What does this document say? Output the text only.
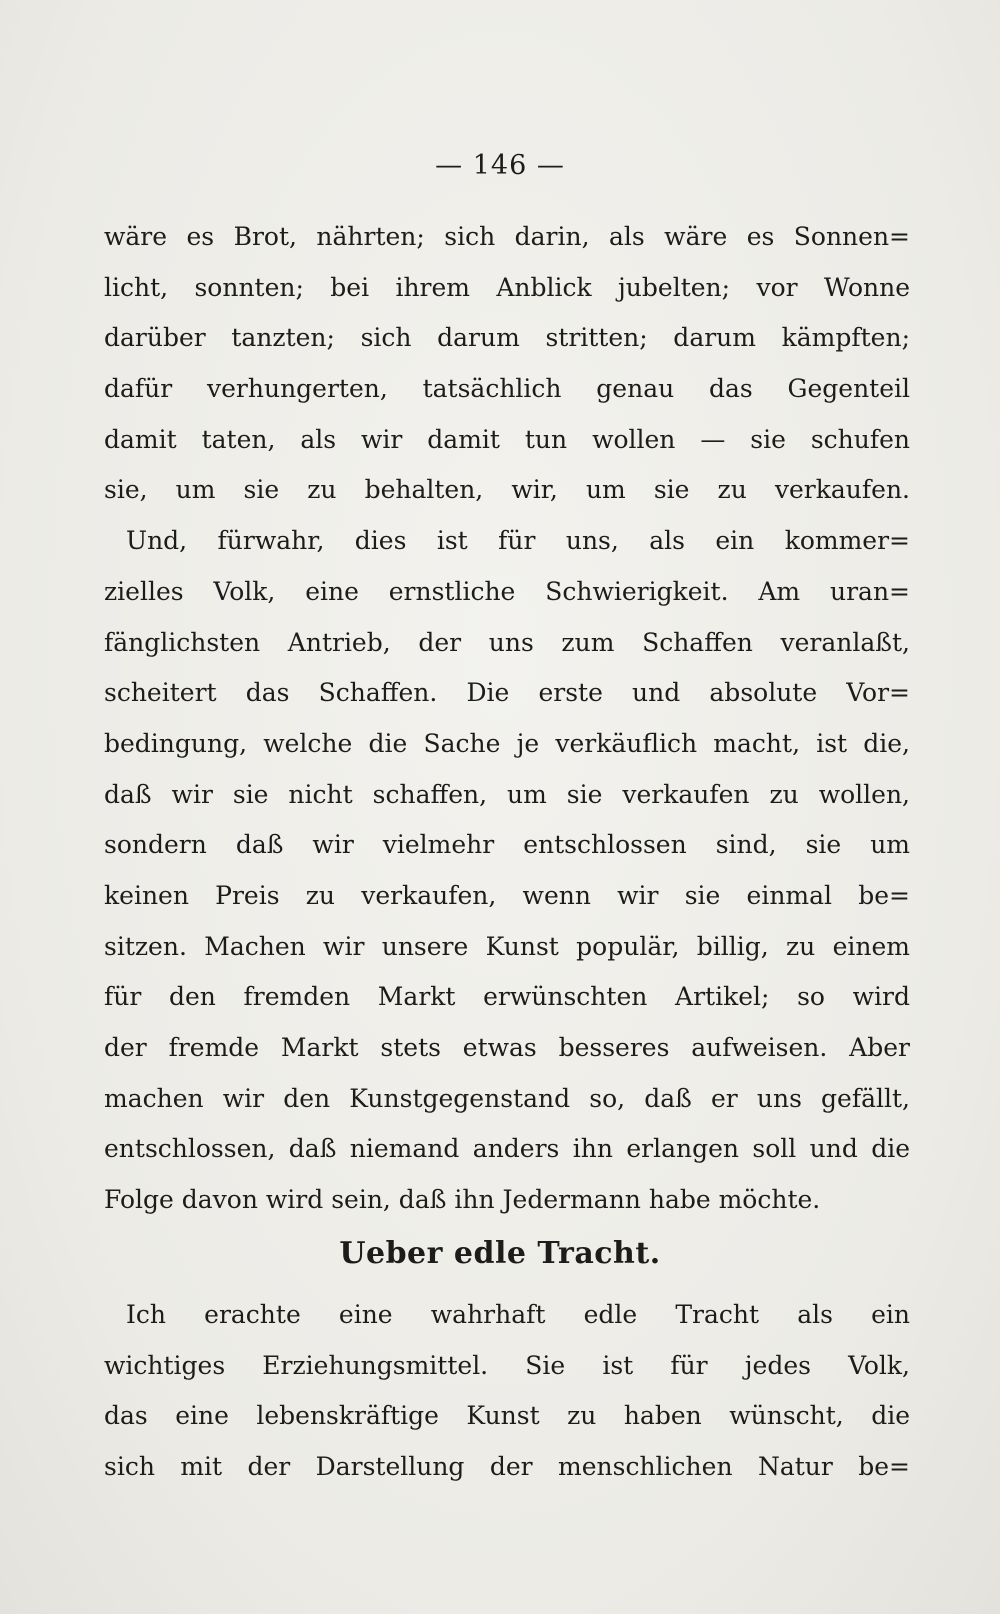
— 146 —
wäre es Brot, nährten; sich darin, als wäre es Sonnen=
licht, sonnten; bei ihrem Anblick jubelten; vor Wonne
darüber tanzten; sich darum stritten; darum kämpften;
dafür verhungerten, tatsächlich genau das Gegenteil
damit taten, als wir damit tun wollen — sie schufen
sie, um sie zu behalten, wir, um sie zu verkaufen.
Und, fürwahr, dies ist für uns, als ein kommer=
zielles Volk, eine ernstliche Schwierigkeit. Am uran=
fänglichsten Antrieb, der uns zum Schaffen veranlaßt,
scheitert das Schaffen. Die erste und absolute Vor=
bedingung, welche die Sache je verkäuflich macht, ist die,
daß wir sie nicht schaffen, um sie verkaufen zu wollen,
sondern daß wir vielmehr entschlossen sind, sie um
keinen Preis zu verkaufen, wenn wir sie einmal be=
sitzen. Machen wir unsere Kunst populär, billig, zu einem
für den fremden Markt erwünschten Artikel; so wird
der fremde Markt stets etwas besseres aufweisen. Aber
machen wir den Kunstgegenstand so, daß er uns gefällt,
entschlossen, daß niemand anders ihn erlangen soll und die
Folge davon wird sein, daß ihn Jedermann habe möchte.
Ueber edle Tracht.
Ich erachte eine wahrhaft edle Tracht als ein
wichtiges Erziehungsmittel. Sie ist für jedes Volk,
das eine lebenskräftige Kunst zu haben wünscht, die
sich mit der Darstellung der menschlichen Natur be=
